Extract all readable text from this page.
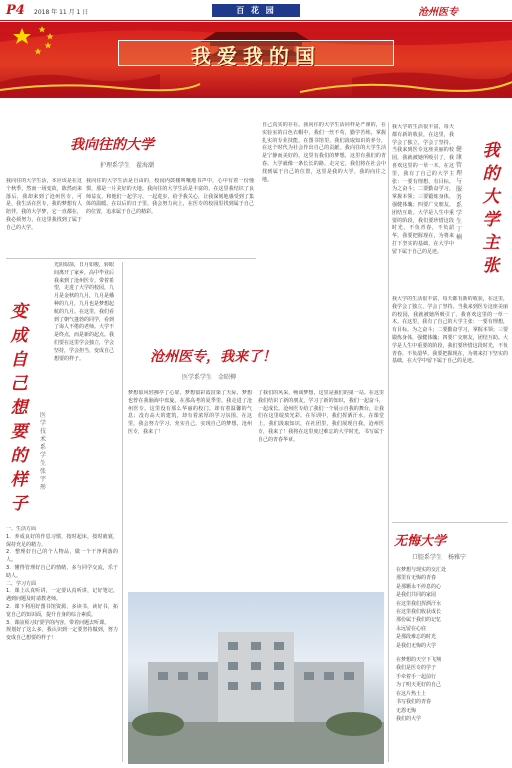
P4 2018 年 11 月 1 日	百 花 园	沧州医专
我爱我的国
我向往的大学
护理系学生　翟海潮
我向往的大学生活，本应该是在这个秋季，然而一场变故，陈然而来落后，我却来到了沧州医专，可是，我生活在医专，我的梦想有人陪伴，我的大学梦，它一直都在，我必须努力，在这里我找到了属于自己的大学。
我向往的大学生活是自由的，校园内鼓楼叫嚷地书声中，心中有着一份憧憬，那是一片美好的天地。我向往的大学生活是丰富的，在这里我结识了良师益友，和他们一起学习、一起进步，给予我关心，让我深刻地感受到了集体的温暖。在以后的日子里，我会努力向上，在医专的校园里找到属于自己的位置，追求属于自己的精彩。
自己真实的存在。我向往的大学生活同样是严谨的，在实验室的白色衣帽中，我们一丝不苟，勤学苦练，掌握扎实的专业技能，在图书馆里，我们汲取知识的养分，在这个时代为社会作出自己的贡献。我向往的大学生活是宁静而美好的，这里有我们的梦想，这里有我们的青春。大学就像一条长长的路，走完它，我们将在社会中找到属于自己的位置，这里是我的大学，我的向往之地。
变成自己想要的样子
医学技术系学生　张宇彤
光阴似箭，日月如梭，转眼间离开了家乡，高中毕业后我来到了沧州医专。带着希望，走进了大学的校园，九月是金秋的九月，九月是播种的九月，九月也是梦想起航的九月。在这里，我们看到了朝气蓬勃的同学，看到了诲人不倦的老师。大学不是终点，而是新的起点。我们要在这里学会独立，学会坚持，学会担当，变成自己想要的样子。
一、生活方面
1．养成良好的作息习惯，按时起床，按时就寝，保持充足的精力。
2．整理好自己的个人物品，做一个干净利落的人。
3．懂得管理好自己的情绪，多与同学交流，乐于助人。
二、学习方面
1．课上认真听讲，一定要认真听讲，记好笔记，遇到问题及时请教老师。
2．课下利用好图书馆资源，多读书，读好书，拓宽自己的知识面，提升自身的综合素质。
3．课前预习好要学的内容，带着问题去听课。
规划好了这么多，我认识到一定要坚持做到，努力变成自己想要的样子！
沧州医专，我来了！
医学系学生　金昭柳
梦想似风轻拂亭了心扉，梦想似彩霞渲染了天际，梦想也曾在我脑海中盘旋。在那高考的夏季里，我走进了沧州医专。这里没有那么华丽的校门，却有着温馨的气息；没有高大的建筑，却有着浓厚的学习氛围。在这里，我会努力学习，充实自己，实现自己的梦想，沧州医专，我来了！
了我们的风采，畅谈梦想，这里是我们的第一站。在这里我们结识了新的朋友，学习了新的知识，我们一起奋斗，一起成长。沧州医专给了我们一个展示自我的舞台，让我们在这里绽放光彩。在军训中，我们挥洒汗水，在课堂上，我们汲取知识，在社团里，我们展现自我。沧州医专，我来了！我将在这里度过难忘的大学时光，书写属于自己的青春华章。
我大学的生活很丰富，每天都有新的收获，在这里，我学会了独立，学会了坚持。当我来到医专这座美丽的校园，我就被她所吸引了，我喜欢这里的一草一木。在这里，我有了自己的大学主张：一要有理想，有目标，为之奋斗；二要勤奋学习，掌握本领；三要锻炼身体，强健体魄；四要广交朋友，团结互助。大学是人生中重要的阶段，我们要珍惜这段时光，不负青春，不负韶华。我要把握现在，为将来打下坚实的基础，在大学中留下属于自己的足迹。
健康管理与服务系学生　丁楠
我的大学主张
我大学的生活很丰富，每天都有新的收获，在这里，我学会了独立，学会了坚持。当我来到医专这座美丽的校园，我就被她所吸引了，我喜欢这里的一草一木。在这里，我有了自己的大学主张：一要有理想，有目标，为之奋斗；二要勤奋学习，掌握本领；三要锻炼身体，强健体魄；四要广交朋友，团结互助。大学是人生中重要的阶段，我们要珍惜这段时光，不负青春，不负韶华。我要把握现在，为将来打下坚实的基础，在大学中留下属于自己的足迹。
无悔大学
口腔系学生　杨雅宁
在梦想与现实的交汇处
那里有无悔的青春
是那颗永不停息的心
是我们共同的家园
在这里我们挥洒汗水
在这里我们收获成长
那份属于我们的记忆
永远留在心底
是那段难忘的时光
是我们无悔的大学
在梦想的天空下飞翔
我们是医专的学子
手牵着手一起前行
为了明天更好的自己
在这片热土上
书写我们的青春
无怨无悔
我们的大学
